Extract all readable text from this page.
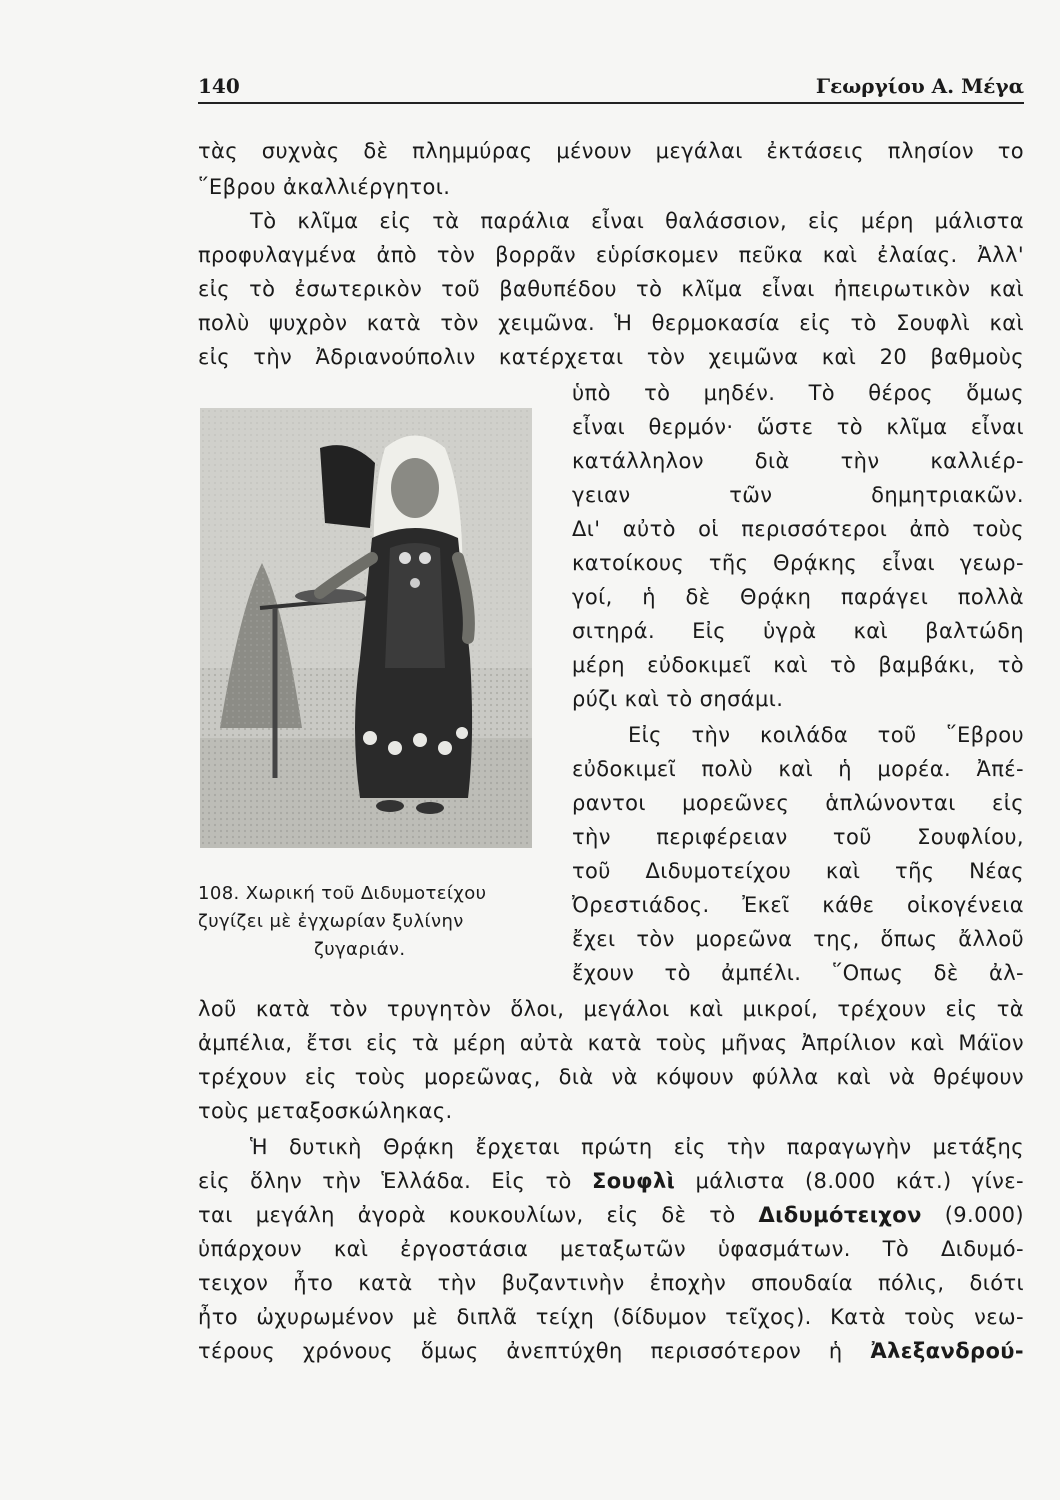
140	Γεωργίου Α. Μέγα
τὰς συχνὰς δὲ πλημμύρας μένουν μεγάλαι ἐκτάσεις πλησίον το
῞Εβρου ἀκαλλιέργητοι.
Τὸ κλῖμα εἰς τὰ παράλια εἶναι θαλάσσιον, εἰς μέρη μάλιστα
προφυλαγμένα ἀπὸ τὸν βορρᾶν εὑρίσκομεν πεῦκα καὶ ἐλαίας. Ἀλλ'
εἰς τὸ ἐσωτερικὸν τοῦ βαθυπέδου τὸ κλῖμα εἶναι ἠπειρωτικὸν καὶ
πολὺ ψυχρὸν κατὰ τὸν χειμῶνα. Ἡ θερμοκασία εἰς τὸ Σουφλὶ καὶ
εἰς τὴν Ἀδριανούπολιν κατέρχεται τὸν χειμῶνα καὶ 20 βαθμοὺς
ὑπὸ τὸ μηδέν. Τὸ θέρος ὅμως
εἶναι θερμόν· ὥστε τὸ κλῖμα εἶναι
κατάλληλον διὰ τὴν καλλιέρ-
γειαν τῶν δημητριακῶν.
Δι' αὐτὸ οἱ περισσότεροι ἀπὸ τοὺς
κατοίκους τῆς Θρᾴκης εἶναι γεωρ-
γοί, ἡ δὲ Θρᾴκη παράγει πολλὰ
σιτηρά. Εἰς ὑγρὰ καὶ βαλτώδη
μέρη εὐδοκιμεῖ καὶ τὸ βαμβάκι, τὸ
ρύζι καὶ τὸ σησάμι.
Εἰς τὴν κοιλάδα τοῦ ῞Εβρου
εὐδοκιμεῖ πολὺ καὶ ἡ μορέα. Ἀπέ-
ραντοι μορεῶνες ἁπλώνονται εἰς
τὴν περιφέρειαν τοῦ Σουφλίου,
τοῦ Διδυμοτείχου καὶ τῆς Νέας
Ὀρεστιάδος. Ἐκεῖ κάθε οἰκογένεια
ἔχει τὸν μορεῶνα της, ὅπως ἄλλοῦ
ἔχουν τὸ ἀμπέλι. ῞Οπως δὲ ἀλ-
λοῦ κατὰ τὸν τρυγητὸν ὅλοι, μεγάλοι καὶ μικροί, τρέχουν εἰς τὰ
ἀμπέλια, ἔτσι εἰς τὰ μέρη αὐτὰ κατὰ τοὺς μῆνας Ἀπρίλιον καὶ Μάϊον
τρέχουν εἰς τοὺς μορεῶνας, διὰ νὰ κόψουν φύλλα καὶ νὰ θρέψουν
τοὺς μεταξοσκώληκας.
Ἡ δυτικὴ Θρᾴκη ἔρχεται πρώτη εἰς τὴν παραγωγὴν μετάξης
εἰς ὅλην τὴν Ἑλλάδα. Εἰς τὸ Σουφλὶ μάλιστα (8.000 κάτ.) γίνε-
ται μεγάλη ἀγορὰ κουκουλίων, εἰς δὲ τὸ Διδυμότειχον (9.000)
ὑπάρχουν καὶ ἐργοστάσια μεταξωτῶν ὑφασμάτων. Τὸ Διδυμό-
τειχον ἦτο κατὰ τὴν βυζαντινὴν ἐποχὴν σπουδαία πόλις, διότι
ἦτο ὠχυρωμένον μὲ διπλᾶ τείχη (δίδυμον τεῖχος). Κατὰ τοὺς νεω-
τέρους χρόνους ὅμως ἀνεπτύχθη περισσότερον ἡ Ἀλεξανδρού-
108. Χωρική τοῦ Διδυμοτείχου
ζυγίζει μὲ ἐγχωρίαν ξυλίνην
ζυγαριάν.
